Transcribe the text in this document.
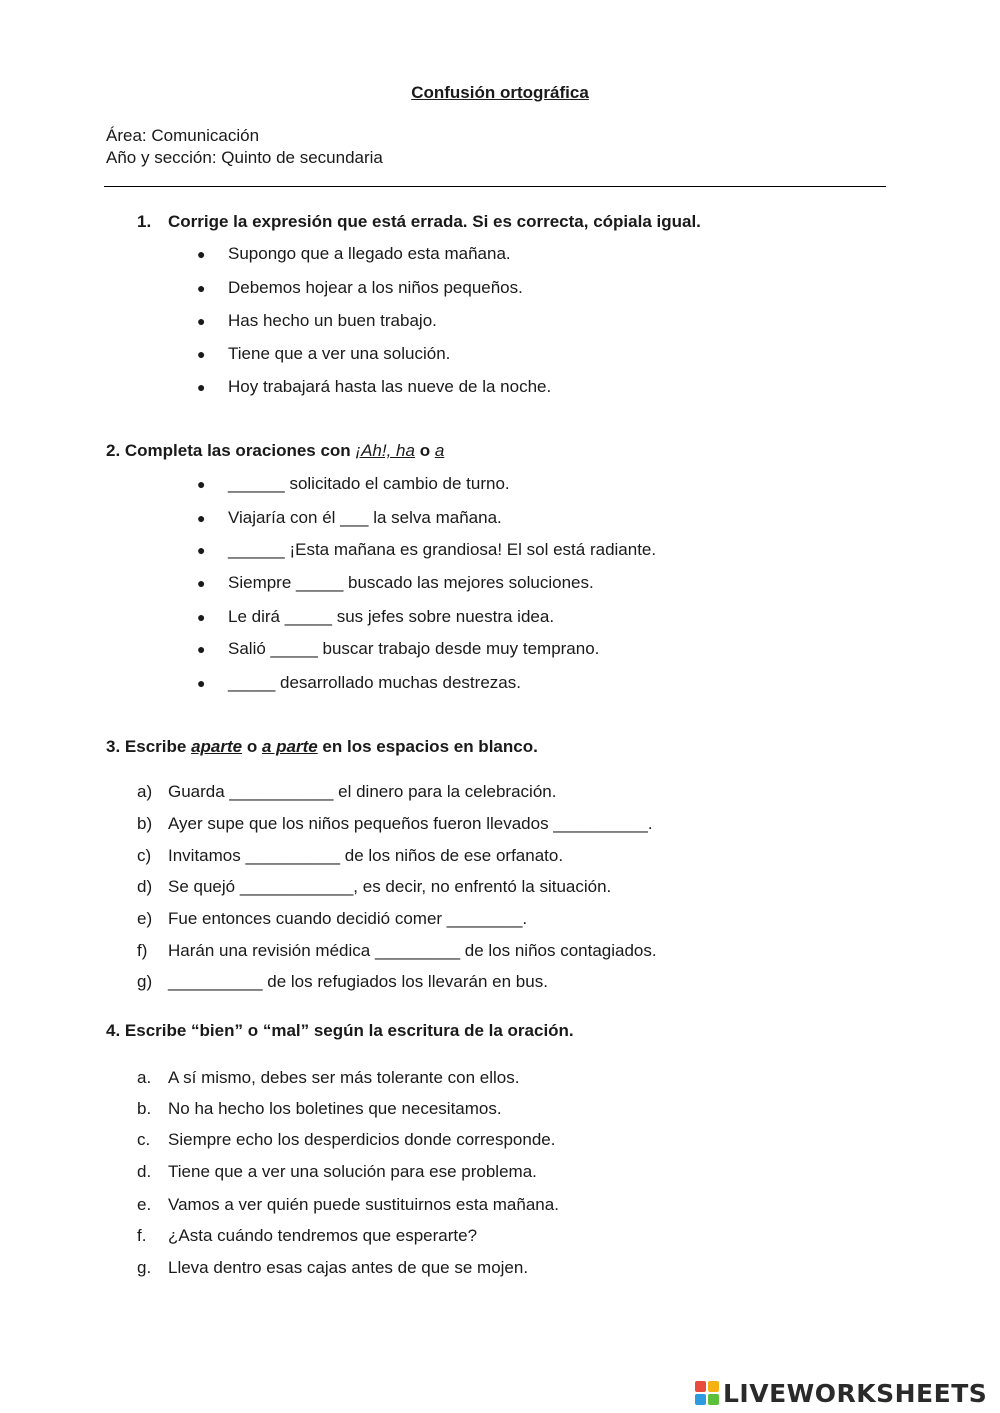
Confusión ortográfica
Área: Comunicación
Año y sección: Quinto de secundaria
1. Corrige la expresión que está errada. Si es correcta, cópiala igual.
● Supongo que a llegado esta mañana.
● Debemos hojear a los niños pequeños.
● Has hecho un buen trabajo.
● Tiene que a ver una solución.
● Hoy trabajará hasta las nueve de la noche.
2. Completa las oraciones con ¡Ah!, ha o a
● ______ solicitado el cambio de turno.
● Viajaría con él ___ la selva mañana.
● ______ ¡Esta mañana es grandiosa! El sol está radiante.
● Siempre _____ buscado las mejores soluciones.
● Le dirá _____ sus jefes sobre nuestra idea.
● Salió _____ buscar trabajo desde muy temprano.
● _____ desarrollado muchas destrezas.
3. Escribe aparte o a parte en los espacios en blanco.
a) Guarda ___________ el dinero para la celebración.
b) Ayer supe que los niños pequeños fueron llevados __________.
c) Invitamos __________ de los niños de ese orfanato.
d) Se quejó ____________, es decir, no enfrentó la situación.
e) Fue entonces cuando decidió comer ________.
f) Harán una revisión médica _________ de los niños contagiados.
g) __________ de los refugiados los llevarán en bus.
4. Escribe “bien” o “mal” según la escritura de la oración.
a. A sí mismo, debes ser más tolerante con ellos.
b. No ha hecho los boletines que necesitamos.
c. Siempre echo los desperdicios donde corresponde.
d. Tiene que a ver una solución para ese problema.
e. Vamos a ver quién puede sustituirnos esta mañana.
f. ¿Asta cuándo tendremos que esperarte?
g. Lleva dentro esas cajas antes de que se mojen.
LIVEWORKSHEETS
